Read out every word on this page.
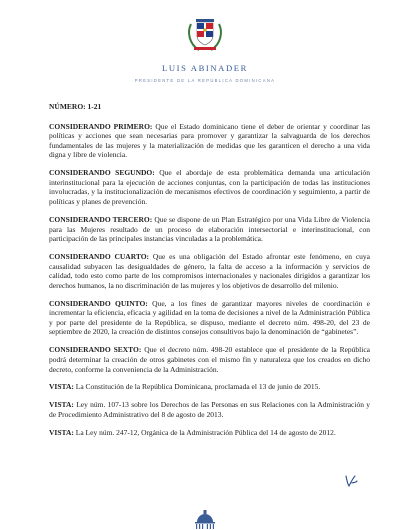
LUIS ABINADER
PRESIDENTE DE LA REPÚBLICA DOMINICANA

NÚMERO: 1-21

CONSIDERANDO PRIMERO: Que el Estado dominicano tiene el deber de orientar y coordinar las políticas y acciones que sean necesarias para promover y garantizar la salvaguarda de los derechos fundamentales de las mujeres y la materialización de medidas que les garanticen el derecho a una vida digna y libre de violencia.

CONSIDERANDO SEGUNDO: Que el abordaje de esta problemática demanda una articulación interinstitucional para la ejecución de acciones conjuntas, con la participación de todas las instituciones involucradas, y la institucionalización de mecanismos efectivos de coordinación y seguimiento, a partir de políticas y planes de prevención.

CONSIDERANDO TERCERO: Que se dispone de un Plan Estratégico por una Vida Libre de Violencia para las Mujeres resultado de un proceso de elaboración intersectorial e interinstitucional, con participación de las principales instancias vinculadas a la problemática.

CONSIDERANDO CUARTO: Que es una obligación del Estado afrontar este fenómeno, en cuya causalidad subyacen las desigualdades de género, la falta de acceso a la información y servicios de calidad, todo esto como parte de los compromisos internacionales y nacionales dirigidos a garantizar los derechos humanos, la no discriminación de las mujeres y los objetivos de desarrollo del milenio.

CONSIDERANDO QUINTO: Que, a los fines de garantizar mayores niveles de coordinación e incrementar la eficiencia, eficacia y agilidad en la toma de decisiones a nivel de la Administración Pública y por parte del presidente de la República, se dispuso, mediante el decreto núm. 498-20, del 23 de septiembre de 2020, la creación de distintos consejos consultivos bajo la denominación de “gabinetes”.

CONSIDERANDO SEXTO: Que el decreto núm. 498-20 establece que el presidente de la República podrá determinar la creación de otros gabinetes con el mismo fin y naturaleza que los creados en dicho decreto, conforme la conveniencia de la Administración.

VISTA: La Constitución de la República Dominicana, proclamada el 13 de junio de 2015.

VISTA: Ley núm. 107-13 sobre los Derechos de las Personas en sus Relaciones con la Administración y de Procedimiento Administrativo del 8 de agosto de 2013.

VISTA: La Ley núm. 247-12, Orgánica de la Administración Pública del 14 de agosto de 2012.
